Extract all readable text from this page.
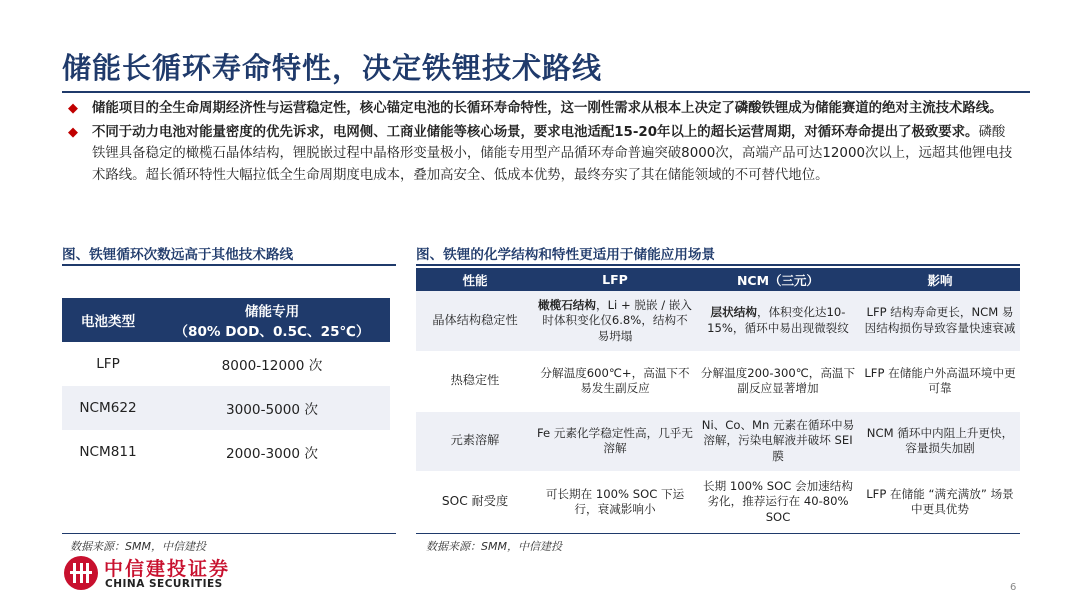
储能长循环寿命特性，决定铁锂技术路线
◆ 储能项目的全生命周期经济性与运营稳定性，核心锚定电池的长循环寿命特性，这一刚性需求从根本上决定了磷酸铁锂成为储能赛道的绝对主流技术路线。
◆ 不同于动力电池对能量密度的优先诉求，电网侧、工商业储能等核心场景，要求电池适配15-20年以上的超长运营周期，对循环寿命提出了极致要求。磷酸铁锂具备稳定的橄榄石晶体结构，锂脱嵌过程中晶格形变量极小，储能专用型产品循环寿命普遍突破8000次，高端产品可达12000次以上，远超其他锂电技术路线。超长循环特性大幅拉低全生命周期度电成本，叠加高安全、低成本优势，最终夯实了其在储能领域的不可替代地位。
图、铁锂循环次数远高于其他技术路线	图、铁锂的化学结构和特性更适用于储能应用场景
电池类型	储能专用
（80% DOD、0.5C、25℃）

LFP	8000-12000 次
NCM622	3000-5000 次
NCM811	2000-3000 次
性能	LFP	NCM（三元）	影响
晶体结构稳定性	橄榄石结构，Li + 脱嵌 / 嵌入时体积变化仅6.8%，结构不易坍塌	层状结构，体积变化达10-15%，循环中易出现微裂纹	LFP 结构寿命更长，NCM 易因结构损伤导致容量快速衰减
热稳定性	分解温度600℃+，高温下不易发生副反应	分解温度200-300℃，高温下副反应显著增加	LFP 在储能户外高温环境中更可靠
元素溶解	Fe 元素化学稳定性高，几乎无溶解	Ni、Co、Mn 元素在循环中易溶解，污染电解液并破坏 SEI 膜	NCM 循环中内阻上升更快，容量损失加剧
SOC 耐受度	可长期在 100% SOC 下运行，衰减影响小	长期 100% SOC 会加速结构劣化，推荐运行在 40-80% SOC	LFP 在储能 “满充满放” 场景中更具优势
数据来源：SMM，中信建投	数据来源：SMM，中信建投
中信建投证券
CHINA SECURITIES	6
